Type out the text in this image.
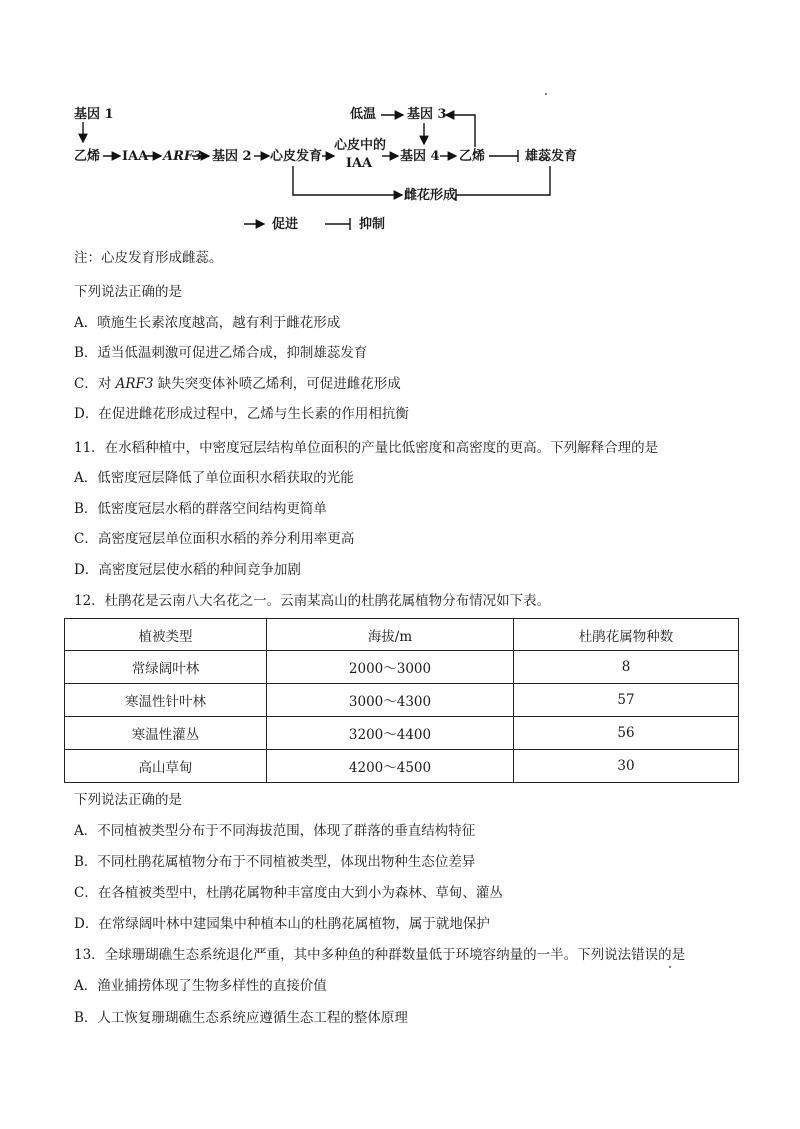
基因 1
乙烯 IAA ARF3 基因 2 心皮发育
心皮中的
IAA
低温 基因 3
基因 4 乙烯	雄蕊发育
雌花形成
促进	抑制
注：心皮发育形成雌蕊。
下列说法正确的是
A．喷施生长素浓度越高，越有利于雌花形成
B．适当低温刺激可促进乙烯合成，抑制雄蕊发育
C．对 ARF3 缺失突变体补喷乙烯利，可促进雌花形成
D．在促进雌花形成过程中，乙烯与生长素的作用相抗衡
11．在水稻种植中，中密度冠层结构单位面积的产量比低密度和高密度的更高。下列解释合理的是
A．低密度冠层降低了单位面积水稻获取的光能
B．低密度冠层水稻的群落空间结构更简单
C．高密度冠层单位面积水稻的养分利用率更高
D．高密度冠层使水稻的种间竞争加剧
12．杜鹃花是云南八大名花之一。云南某高山的杜鹃花属植物分布情况如下表。
植被类型	海拔/m	杜鹃花属物种数
常绿阔叶林	2000～3000	8
寒温性针叶林	3000～4300	57
寒温性灌丛	3200～4400	56
高山草甸	4200～4500	30
下列说法正确的是
A．不同植被类型分布于不同海拔范围，体现了群落的垂直结构特征
B．不同杜鹃花属植物分布于不同植被类型，体现出物种生态位差异
C．在各植被类型中，杜鹃花属物种丰富度由大到小为森林、草甸、灌丛
D．在常绿阔叶林中建园集中种植本山的杜鹃花属植物，属于就地保护
13．全球珊瑚礁生态系统退化严重，其中多种鱼的种群数量低于环境容纳量的一半。下列说法错误的是
A．渔业捕捞体现了生物多样性的直接价值
B．人工恢复珊瑚礁生态系统应遵循生态工程的整体原理
